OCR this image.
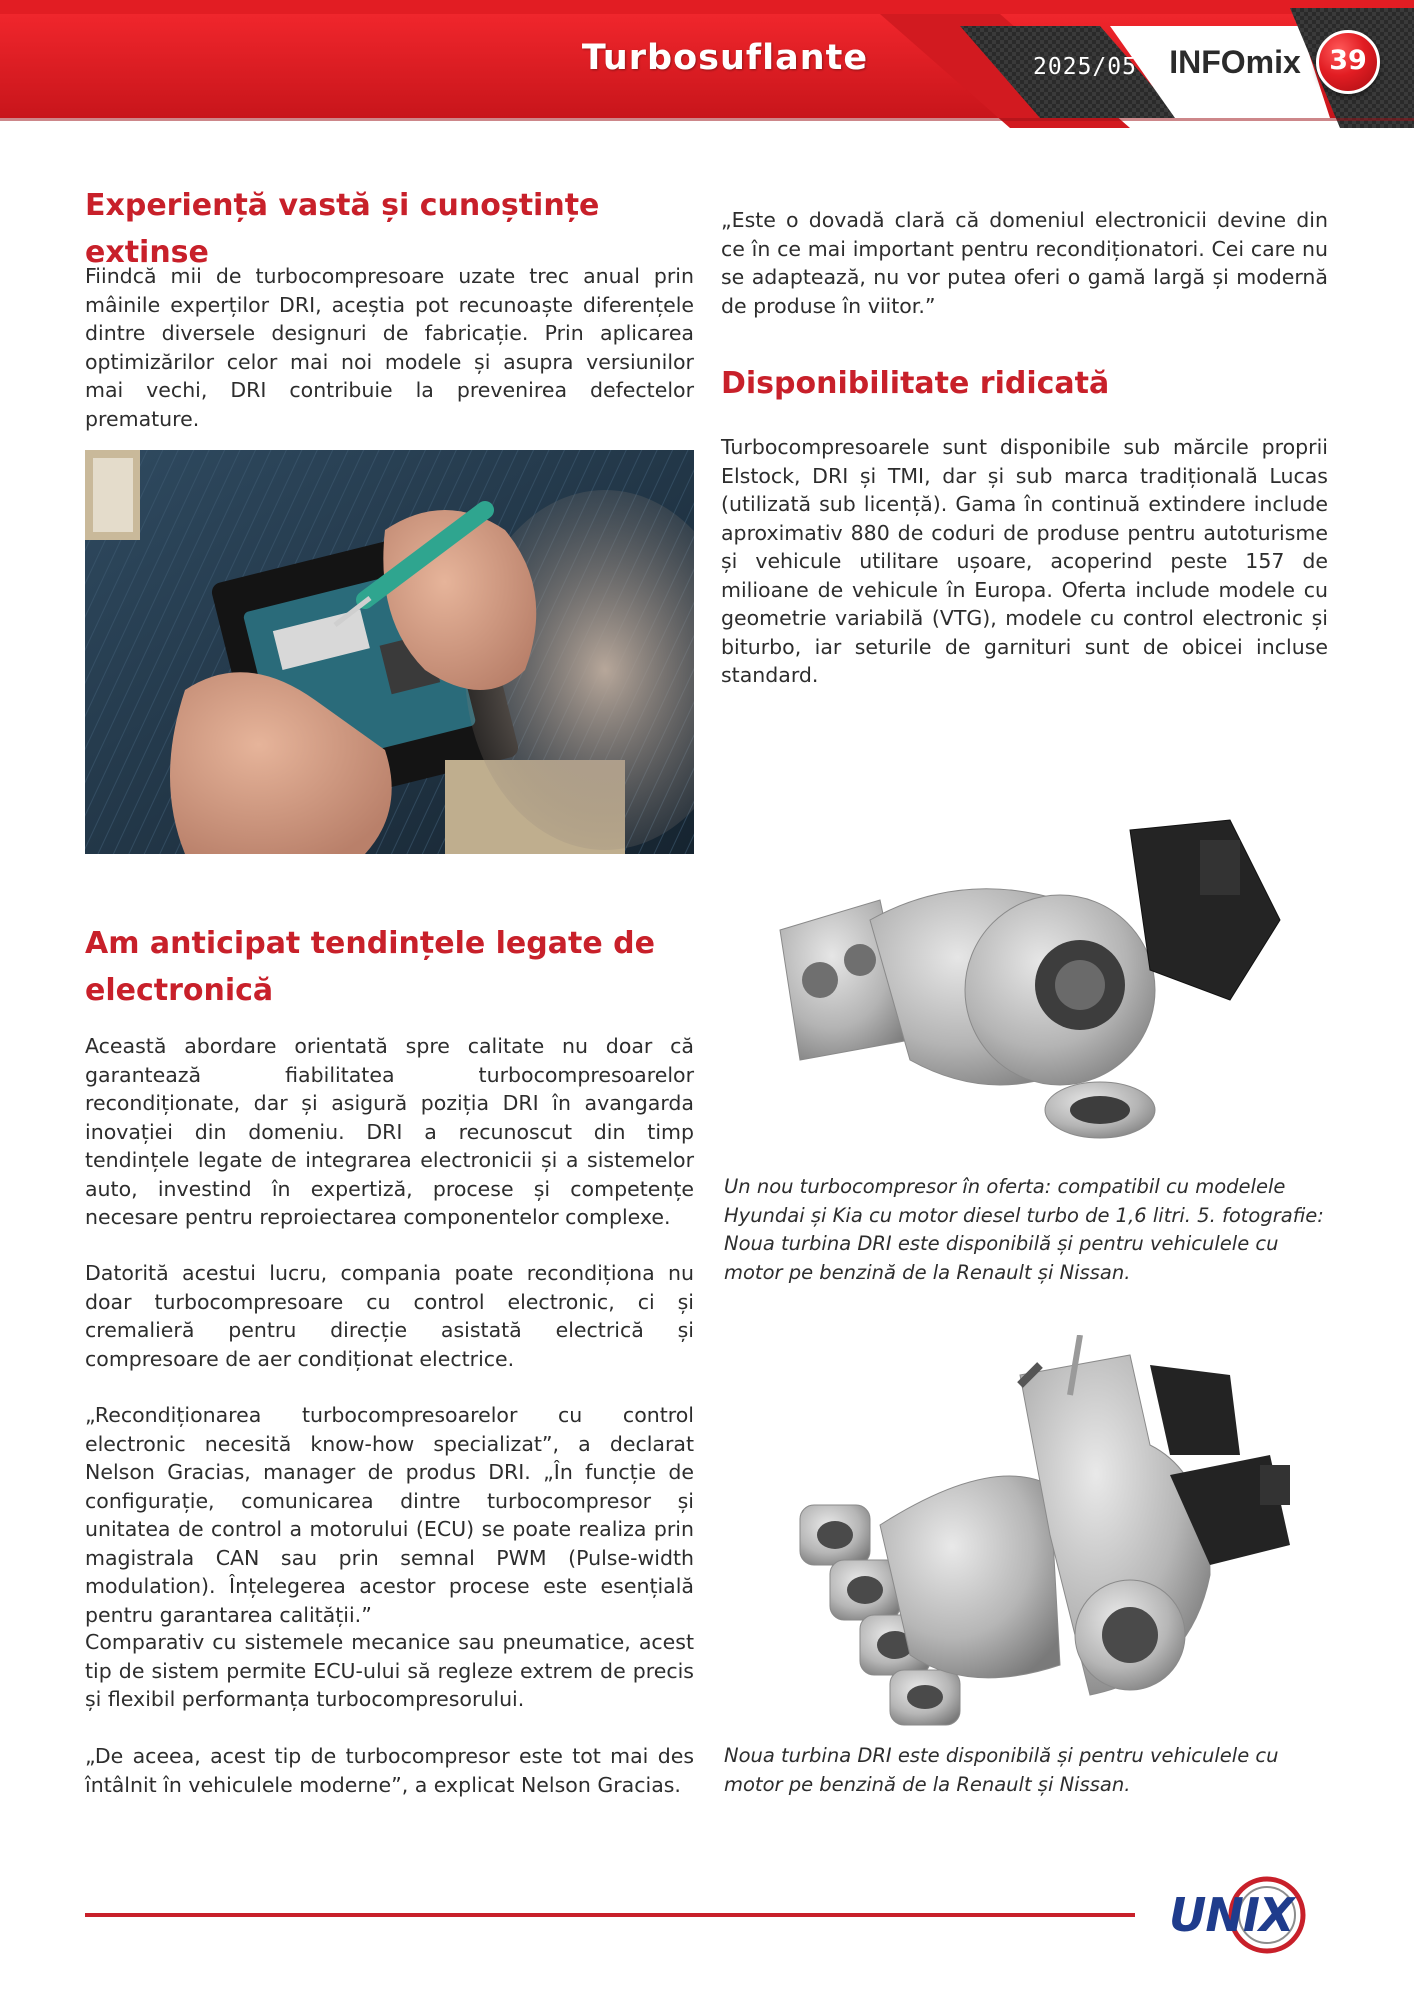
Turbosuflante	2025/05	INFOmix	39
Experiență vastă și cunoștințe extinse

Fiindcă mii de turbocompresoare uzate trec anual prin mâinile experților DRI, aceștia pot recunoaște diferențele dintre diversele designuri de fabricație. Prin aplicarea optimizărilor celor mai noi modele și asupra versiunilor mai vechi, DRI contribuie la prevenirea defectelor premature.

Am anticipat tendințele legate de electronică

Această abordare orientată spre calitate nu doar că garantează fiabilitatea turbocompresoarelor recondiționate, dar și asigură poziția DRI în avangarda inovației din domeniu. DRI a recunoscut din timp tendințele legate de integrarea electronicii și a sistemelor auto, investind în expertiză, procese și competențe necesare pentru reproiectarea componentelor complexe.

Datorită acestui lucru, compania poate recondiționa nu doar turbocompresoare cu control electronic, ci și cremalieră pentru direcție asistată electrică și compresoare de aer condiționat electrice.

„Recondiționarea turbocompresoarelor cu control electronic necesită know-how specializat”, a declarat Nelson Gracias, manager de produs DRI. „În funcție de configurație, comunicarea dintre turbocompresor și unitatea de control a motorului (ECU) se poate realiza prin magistrala CAN sau prin semnal PWM (Pulse-width modulation). Înțelegerea acestor procese este esențială pentru garantarea calității.”

Comparativ cu sistemele mecanice sau pneumatice, acest tip de sistem permite ECU-ului să regleze extrem de precis și flexibil performanța turbocompresorului.

„De aceea, acest tip de turbocompresor este tot mai des întâlnit în vehiculele moderne”, a explicat Nelson Gracias.

„Este o dovadă clară că domeniul electronicii devine din ce în ce mai important pentru recondiționatori. Cei care nu se adaptează, nu vor putea oferi o gamă largă și modernă de produse în viitor.”

Disponibilitate ridicată

Turbocompresoarele sunt disponibile sub mărcile proprii Elstock, DRI și TMI, dar și sub marca tradițională Lucas (utilizată sub licență). Gama în continuă extindere include aproximativ 880 de coduri de produse pentru autoturisme și vehicule utilitare ușoare, acoperind peste 157 de milioane de vehicule în Europa. Oferta include modele cu geometrie variabilă (VTG), modele cu control electronic și biturbo, iar seturile de garnituri sunt de obicei incluse standard.

Un nou turbocompresor în oferta: compatibil cu modelele Hyundai și Kia cu motor diesel turbo de 1,6 litri. 5. fotografie: Noua turbina DRI este disponibilă și pentru vehiculele cu motor pe benzină de la Renault și Nissan.

Noua turbina DRI este disponibilă și pentru vehiculele cu motor pe benzină de la Renault și Nissan.

UNIX
